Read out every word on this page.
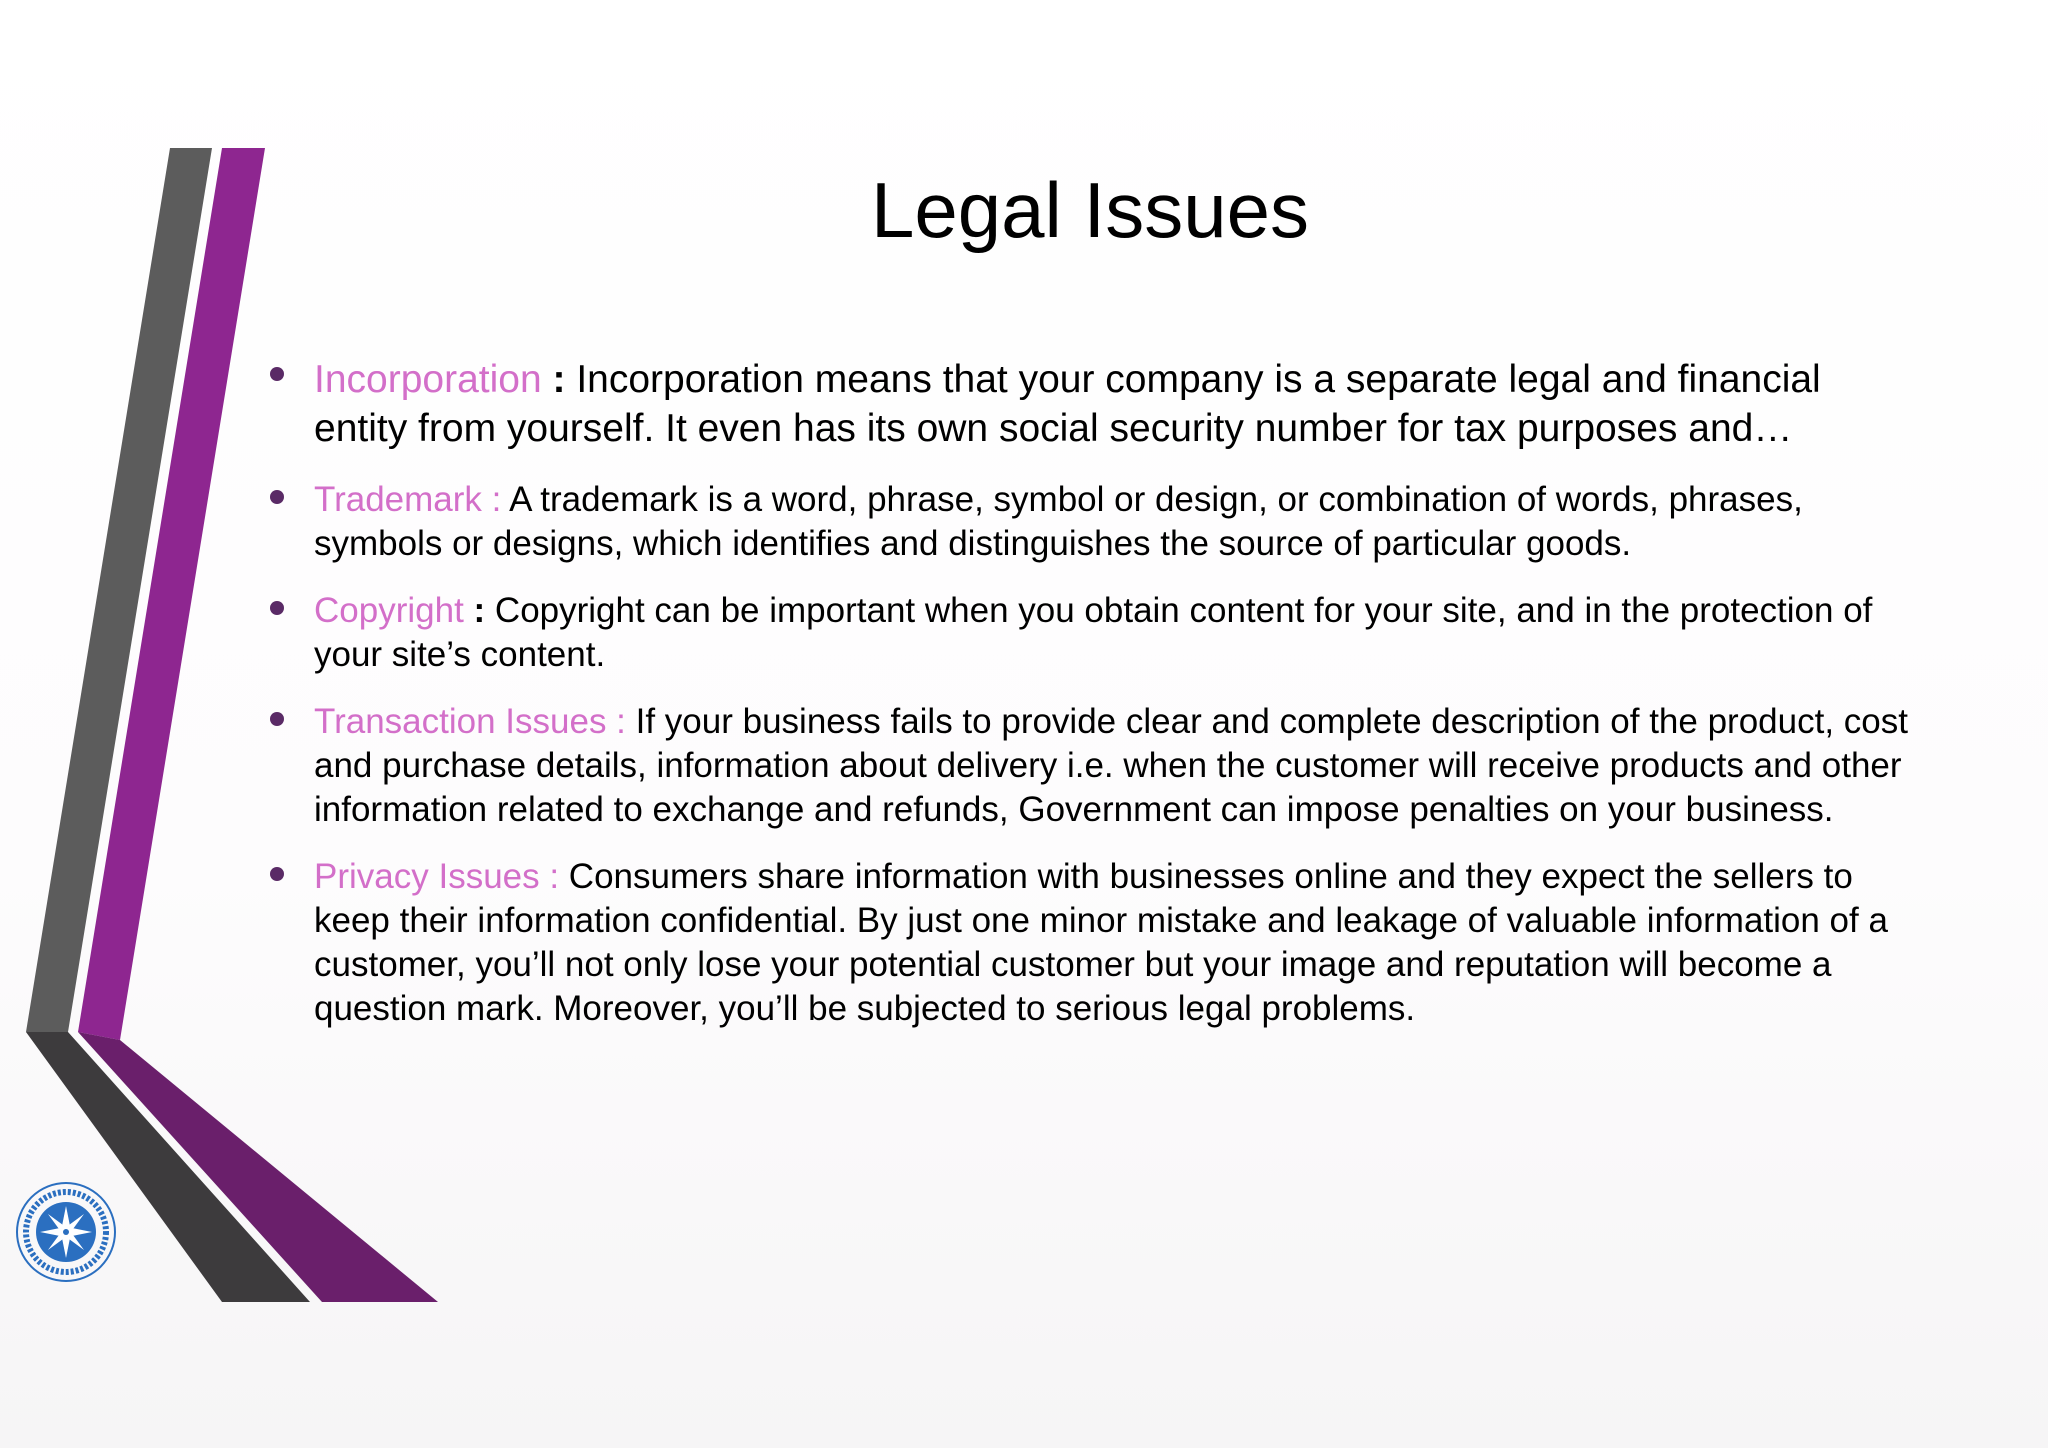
Legal Issues
Incorporation : Incorporation means that your company is a separate legal and financial entity from yourself. It even has its own social security number for tax purposes and…
Trademark : A trademark is a word, phrase, symbol or design, or combination of words, phrases, symbols or designs, which identifies and distinguishes the source of particular goods.
Copyright : Copyright can be important when you obtain content for your site, and in the protection of your site’s content.
Transaction Issues : If your business fails to provide clear and complete description of the product, cost and purchase details, information about delivery i.e. when the customer will receive products and other information related to exchange and refunds, Government can impose penalties on your business.
Privacy Issues : Consumers share information with businesses online and they expect the sellers to keep their information confidential. By just one minor mistake and leakage of valuable information of a customer, you’ll not only lose your potential customer but your image and reputation will become a question mark. Moreover, you’ll be subjected to serious legal problems.
